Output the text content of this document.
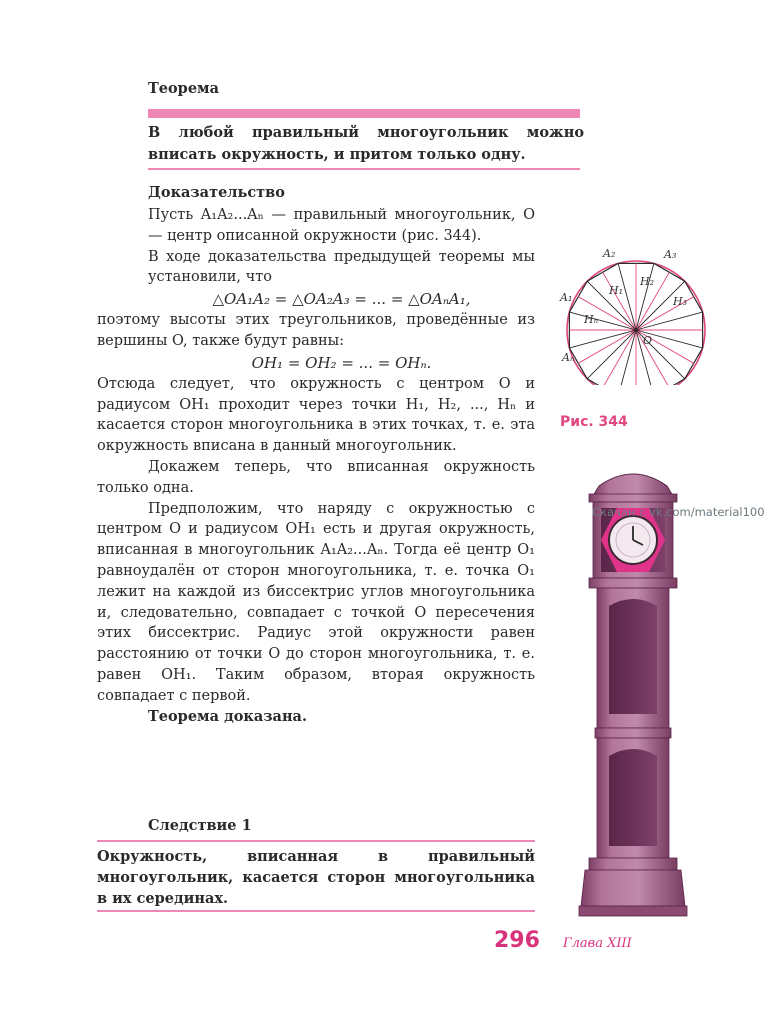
Теорема
В любой правильный многоугольник можно вписать окружность, и притом только одну.
Доказательство

Пусть A₁A₂...Aₙ — правильный многоугольник, O — центр описанной окружности (рис. 344).

В ходе доказательства предыдущей теоремы мы установили, что

△OA₁A₂ = △OA₂A₃ = ... = △OAₙA₁,

поэтому высоты этих треугольников, проведённые из вершины O, также будут равны:

OH₁ = OH₂ = ... = OHₙ.

Отсюда следует, что окружность с центром O и радиусом OH₁ проходит через точки H₁, H₂, ..., Hₙ и касается сторон многоугольника в этих точках, т. е. эта окружность вписана в данный многоугольник.

Докажем теперь, что вписанная окружность только одна.

Предположим, что наряду с окружностью с центром O и радиусом OH₁ есть и другая окружность, вписанная в многоугольник A₁A₂...Aₙ. Тогда её центр O₁ равноудалён от сторон многоугольника, т. е. точка O₁ лежит на каждой из биссектрис углов многоугольника и, следовательно, совпадает с точкой O пересечения этих биссектрис. Радиус этой окружности равен расстоянию от точки O до сторон многоугольника, т. е. равен OH₁. Таким образом, вторая окружность совпадает с первой.

Теорема доказана.

Следствие 1
Окружность, вписанная в правильный многоугольник, касается сторон многоугольника в их серединах.
A₂	A₃
A₁
Aₙ
H₁
H₂
H₃
Hₙ
O
Рис. 344
Скачан с vk.com/material100
296 Глава XIII
